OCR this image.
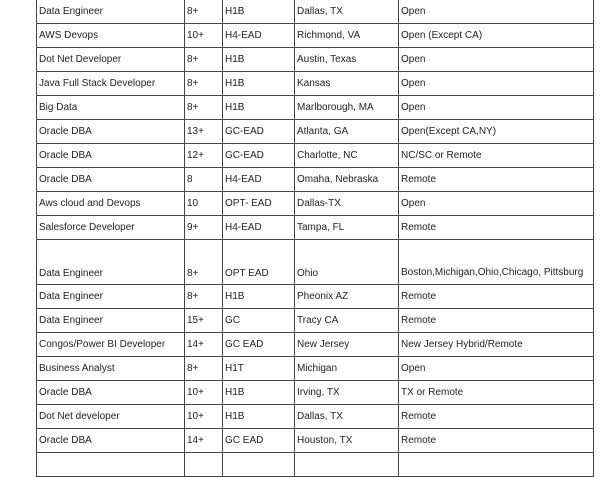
Data Engineer	8+	H1B	Dallas, TX	Open
AWS Devops	10+	H4-EAD	Richmond, VA	Open (Except CA)
Dot Net Developer	8+	H1B	Austin, Texas	Open
Java Full Stack Developer	8+	H1B	Kansas	Open
Big Data	8+	H1B	Marlborough, MA	Open
Oracle DBA	13+	GC-EAD	Atlanta, GA	Open(Except CA,NY)
Oracle DBA	12+	GC-EAD	Charlotte, NC	NC/SC or Remote
Oracle DBA	8	H4-EAD	Omaha, Nebraska	Remote
Aws cloud and Devops	10	OPT- EAD	Dallas-TX	Open
Salesforce Developer	9+	H4-EAD	Tampa, FL	Remote
Data Engineer	8+	OPT EAD	Ohio	Boston,Michigan,Ohio,Chicago, Pittsburg
Data Engineer	8+	H1B	Pheonix AZ	Remote
Data Engineer	15+	GC	Tracy CA	Remote
Congos/Power BI Developer	14+	GC EAD	New Jersey	New Jersey Hybrid/Remote
Business Analyst	8+	H1T	Michigan	Open
Oracle DBA	10+	H1B	Irving, TX	TX or Remote
Dot Net developer	10+	H1B	Dallas, TX	Remote
Oracle DBA	14+	GC EAD	Houston, TX	Remote
